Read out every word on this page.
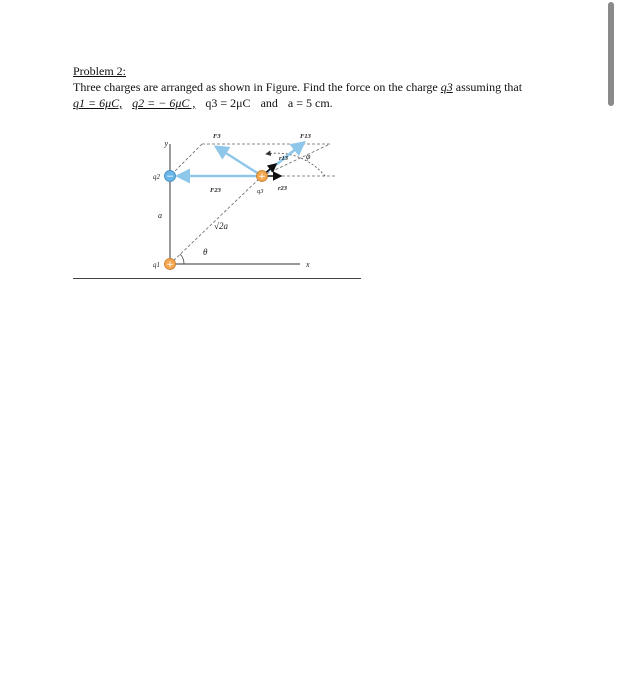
Problem 2:
Three charges are arranged as shown in Figure. Find the force on the charge q3 assuming that
q1 = 6μC, q2 = − 6μC , q3 = 2μC and a = 5 cm.
+
−	+
y
x
q1
q2
q3
a
√2a
θ
φ
F3	F13
F23
r13
r23
